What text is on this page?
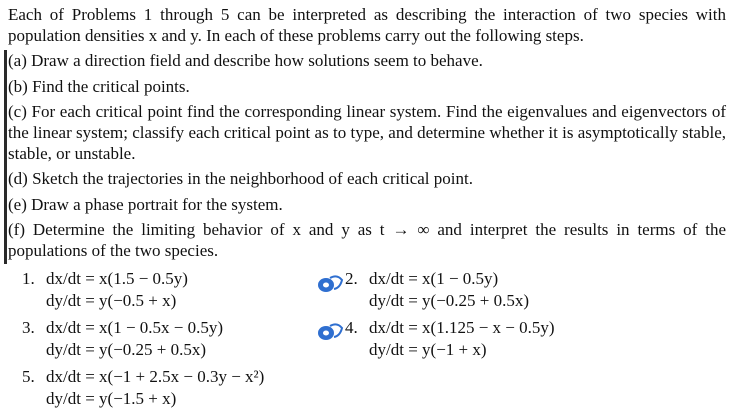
Each of Problems 1 through 5 can be interpreted as describing the interaction of two species with population densities x and y. In each of these problems carry out the following steps.
(a) Draw a direction field and describe how solutions seem to behave.
(b) Find the critical points.
(c) For each critical point find the corresponding linear system. Find the eigenvalues and eigenvectors of the linear system; classify each critical point as to type, and determine whether it is asymptotically stable, stable, or unstable.
(d) Sketch the trajectories in the neighborhood of each critical point.
(e) Draw a phase portrait for the system.
(f) Determine the limiting behavior of x and y as t → ∞ and interpret the results in terms of the populations of the two species.
1. dx/dt = x(1.5 − 0.5y)
dy/dt = y(−0.5 + x)
2. dx/dt = x(1 − 0.5y)
dy/dt = y(−0.25 + 0.5x)
3. dx/dt = x(1 − 0.5x − 0.5y)
dy/dt = y(−0.25 + 0.5x)
4. dx/dt = x(1.125 − x − 0.5y)
dy/dt = y(−1 + x)
5. dx/dt = x(−1 + 2.5x − 0.3y − x²)
dy/dt = y(−1.5 + x)
